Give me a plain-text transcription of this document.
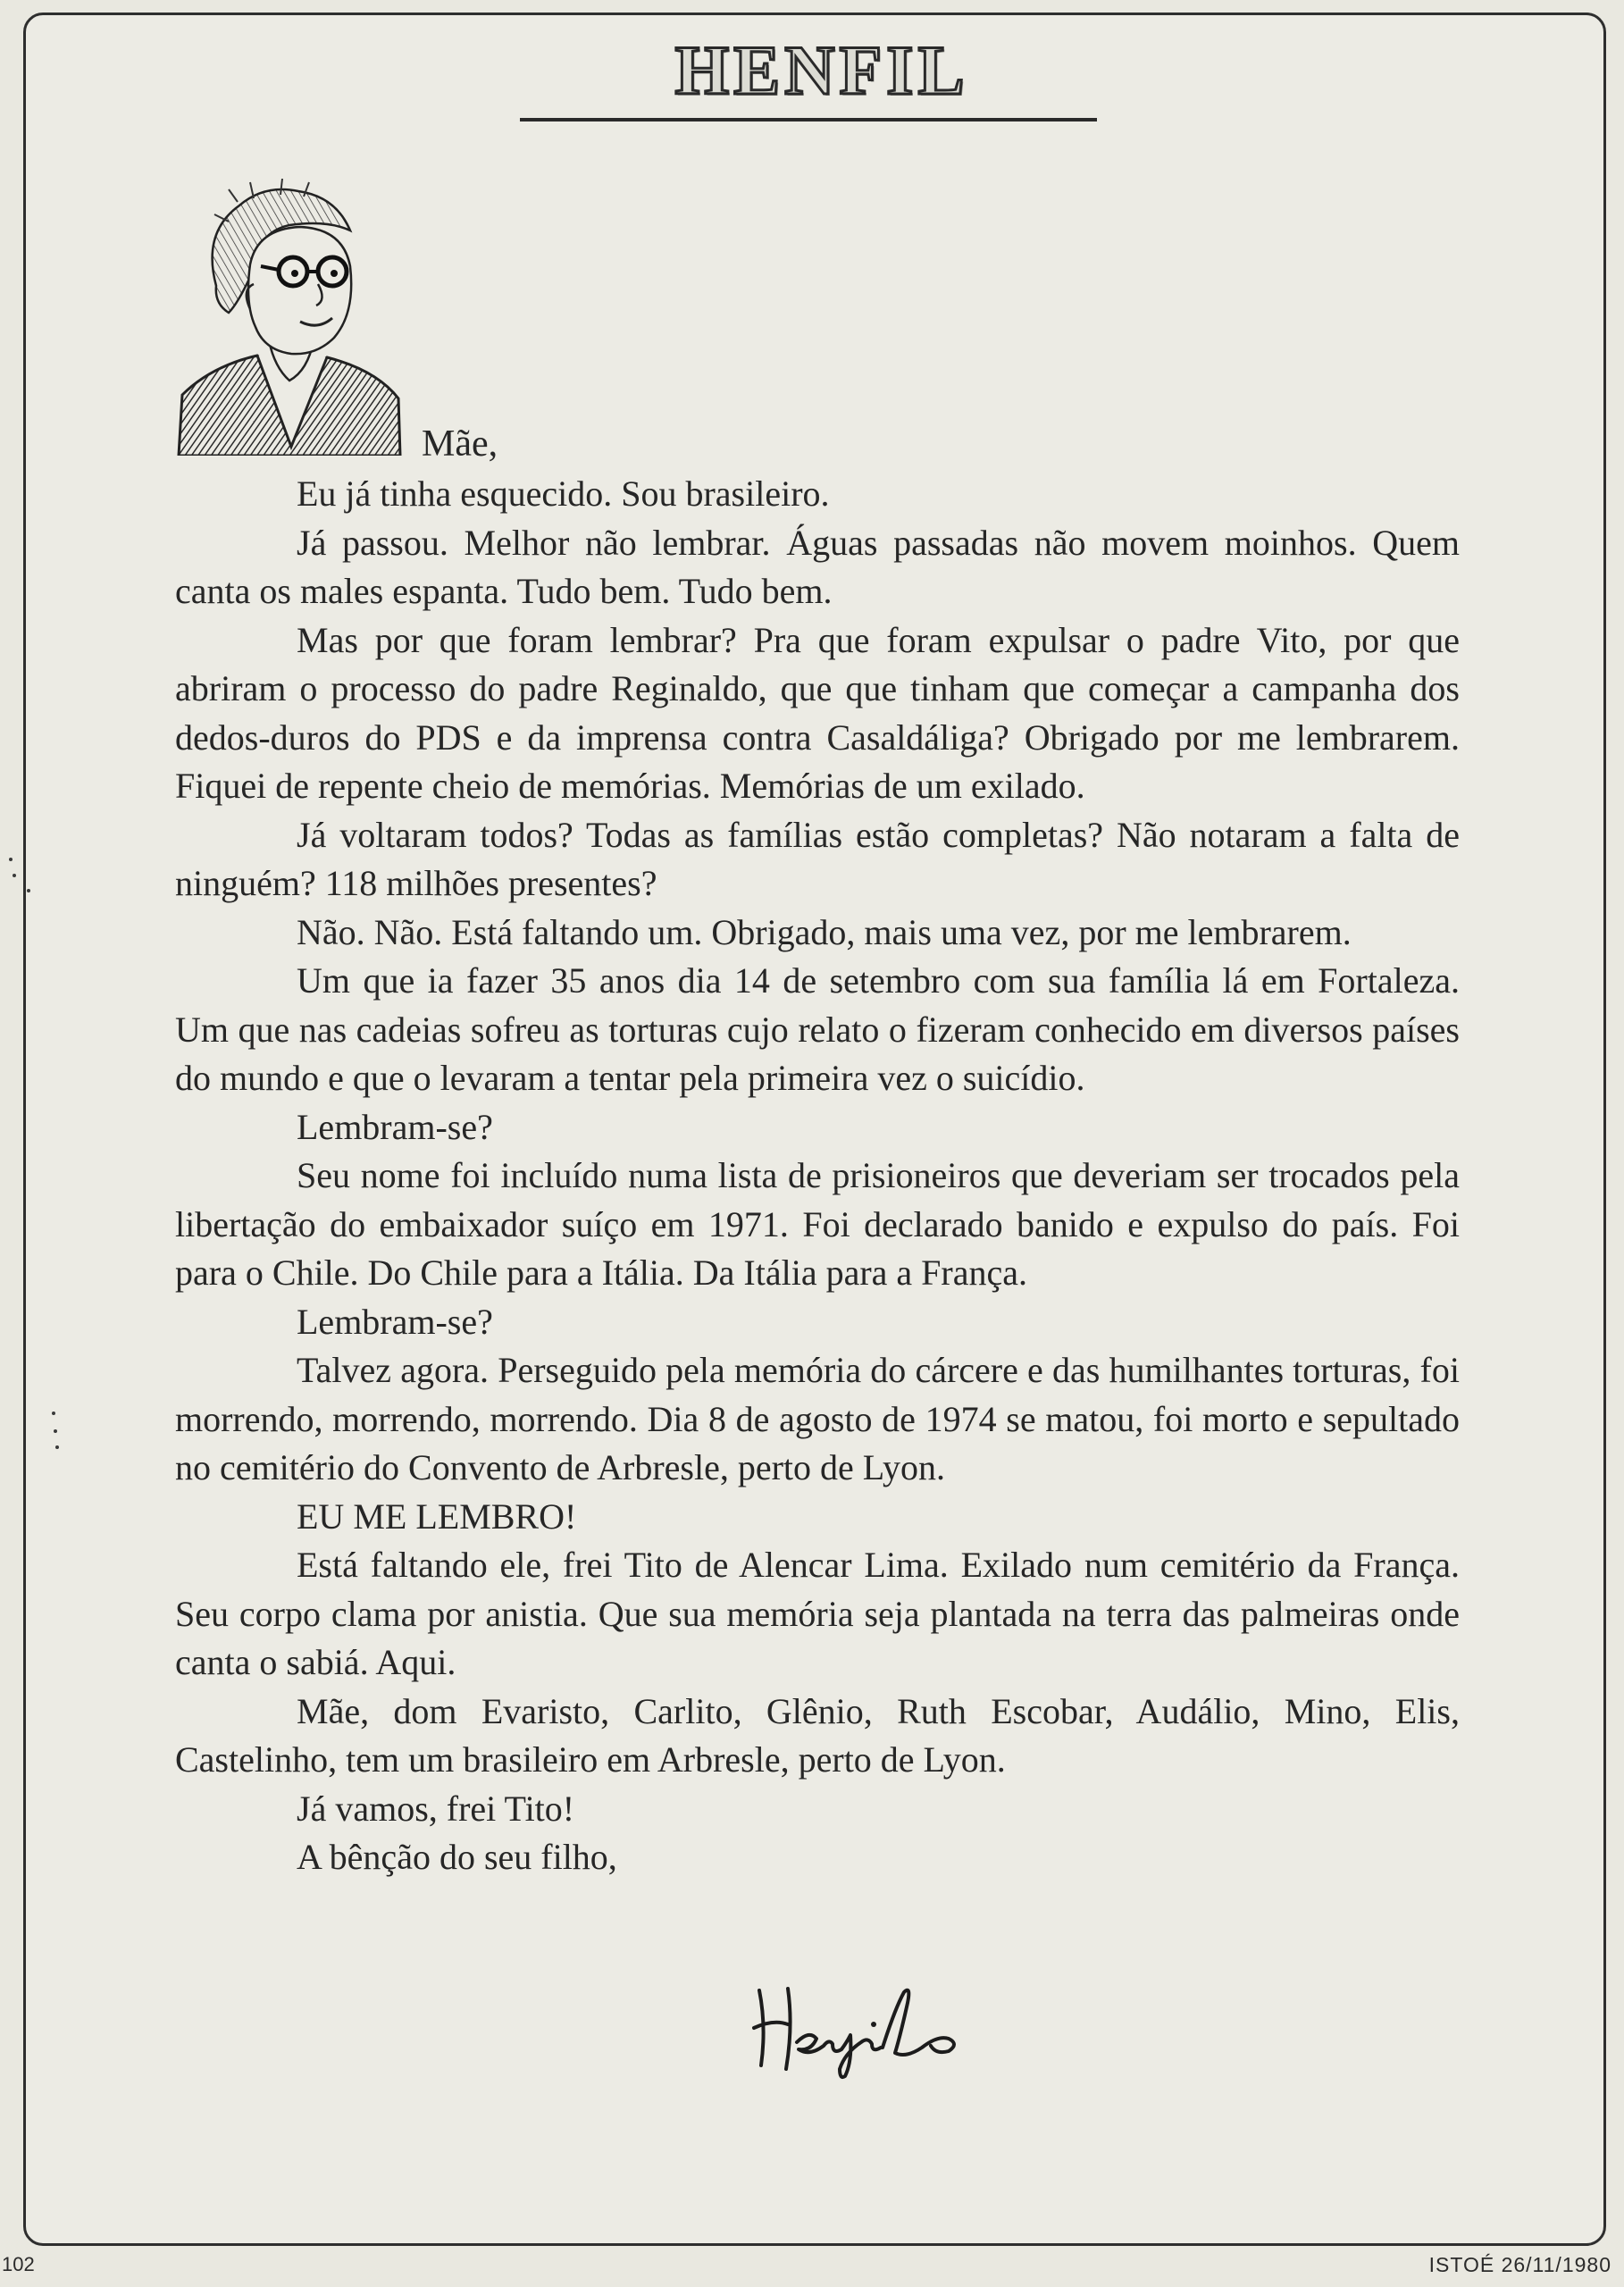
HENFIL
Mãe,

Eu já tinha esquecido. Sou brasileiro.

Já passou. Melhor não lembrar. Águas passadas não movem moinhos. Quem canta os males espanta. Tudo bem. Tudo bem.

Mas por que foram lembrar? Pra que foram expulsar o padre Vito, por que abriram o processo do padre Reginaldo, que que tinham que começar a campanha dos dedos-duros do PDS e da imprensa contra Casaldáliga? Obrigado por me lembrarem. Fiquei de repente cheio de memórias. Memórias de um exilado.

Já voltaram todos? Todas as famílias estão completas? Não notaram a falta de ninguém? 118 milhões presentes?

Não. Não. Está faltando um. Obrigado, mais uma vez, por me lembrarem.

Um que ia fazer 35 anos dia 14 de setembro com sua família lá em Fortaleza. Um que nas cadeias sofreu as torturas cujo relato o fizeram conhecido em diversos países do mundo e que o levaram a tentar pela primeira vez o suicídio.

Lembram-se?

Seu nome foi incluído numa lista de prisioneiros que deveriam ser trocados pela libertação do embaixador suíço em 1971. Foi declarado banido e expulso do país. Foi para o Chile. Do Chile para a Itália. Da Itália para a França.

Lembram-se?

Talvez agora. Perseguido pela memória do cárcere e das humilhantes torturas, foi morrendo, morrendo, morrendo. Dia 8 de agosto de 1974 se matou, foi morto e sepultado no cemitério do Convento de Arbresle, perto de Lyon.

EU ME LEMBRO!

Está faltando ele, frei Tito de Alencar Lima. Exilado num cemitério da França. Seu corpo clama por anistia. Que sua memória seja plantada na terra das palmeiras onde canta o sabiá. Aqui.

Mãe, dom Evaristo, Carlito, Glênio, Ruth Escobar, Audálio, Mino, Elis, Castelinho, tem um brasileiro em Arbresle, perto de Lyon.

Já vamos, frei Tito!

A bênção do seu filho,

102	ISTOÉ 26/11/1980
